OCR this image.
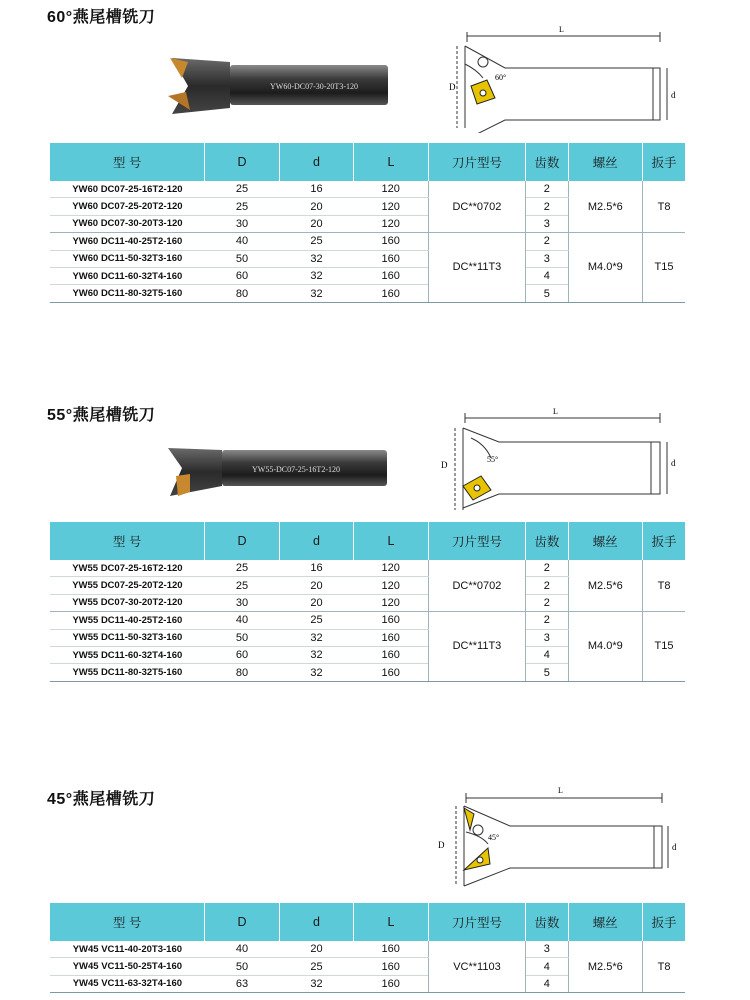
60°燕尾槽铣刀
YW60-DC07-30-20T3-120
L
D
d
60°
型 号	D	d	L	刀片型号	齿数	螺丝	扳手
YW60 DC07-25-16T2-120	25	16	120	DC**0702	2	M2.5*6	T8
YW60 DC07-25-20T2-120	25	20	120		2		
YW60 DC07-30-20T3-120	30	20	120		3		
YW60 DC11-40-25T2-160	40	25	160	DC**11T3	2	M4.0*9	T15
YW60 DC11-50-32T3-160	50	32	160		3		
YW60 DC11-60-32T4-160	60	32	160		4		
YW60 DC11-80-32T5-160	80	32	160		5		
55°燕尾槽铣刀
YW55-DC07-25-16T2-120
L
D	d
55°
型 号	D	d	L	刀片型号	齿数	螺丝	扳手
YW55 DC07-25-16T2-120	25	16	120	DC**0702	2	M2.5*6	T8
YW55 DC07-25-20T2-120	25	20	120		2		
YW55 DC07-30-20T2-120	30	20	120		2		
YW55 DC11-40-25T2-160	40	25	160	DC**11T3	2	M4.0*9	T15
YW55 DC11-50-32T3-160	50	32	160		3		
YW55 DC11-60-32T4-160	60	32	160		4		
YW55 DC11-80-32T5-160	80	32	160		5		
45°燕尾槽铣刀
L
D	d
45°
型 号	D	d	L	刀片型号	齿数	螺丝	扳手
YW45 VC11-40-20T3-160	40	20	160	VC**1103	3	M2.5*6	T8
YW45 VC11-50-25T4-160	50	25	160		4		
YW45 VC11-63-32T4-160	63	32	160		4		
